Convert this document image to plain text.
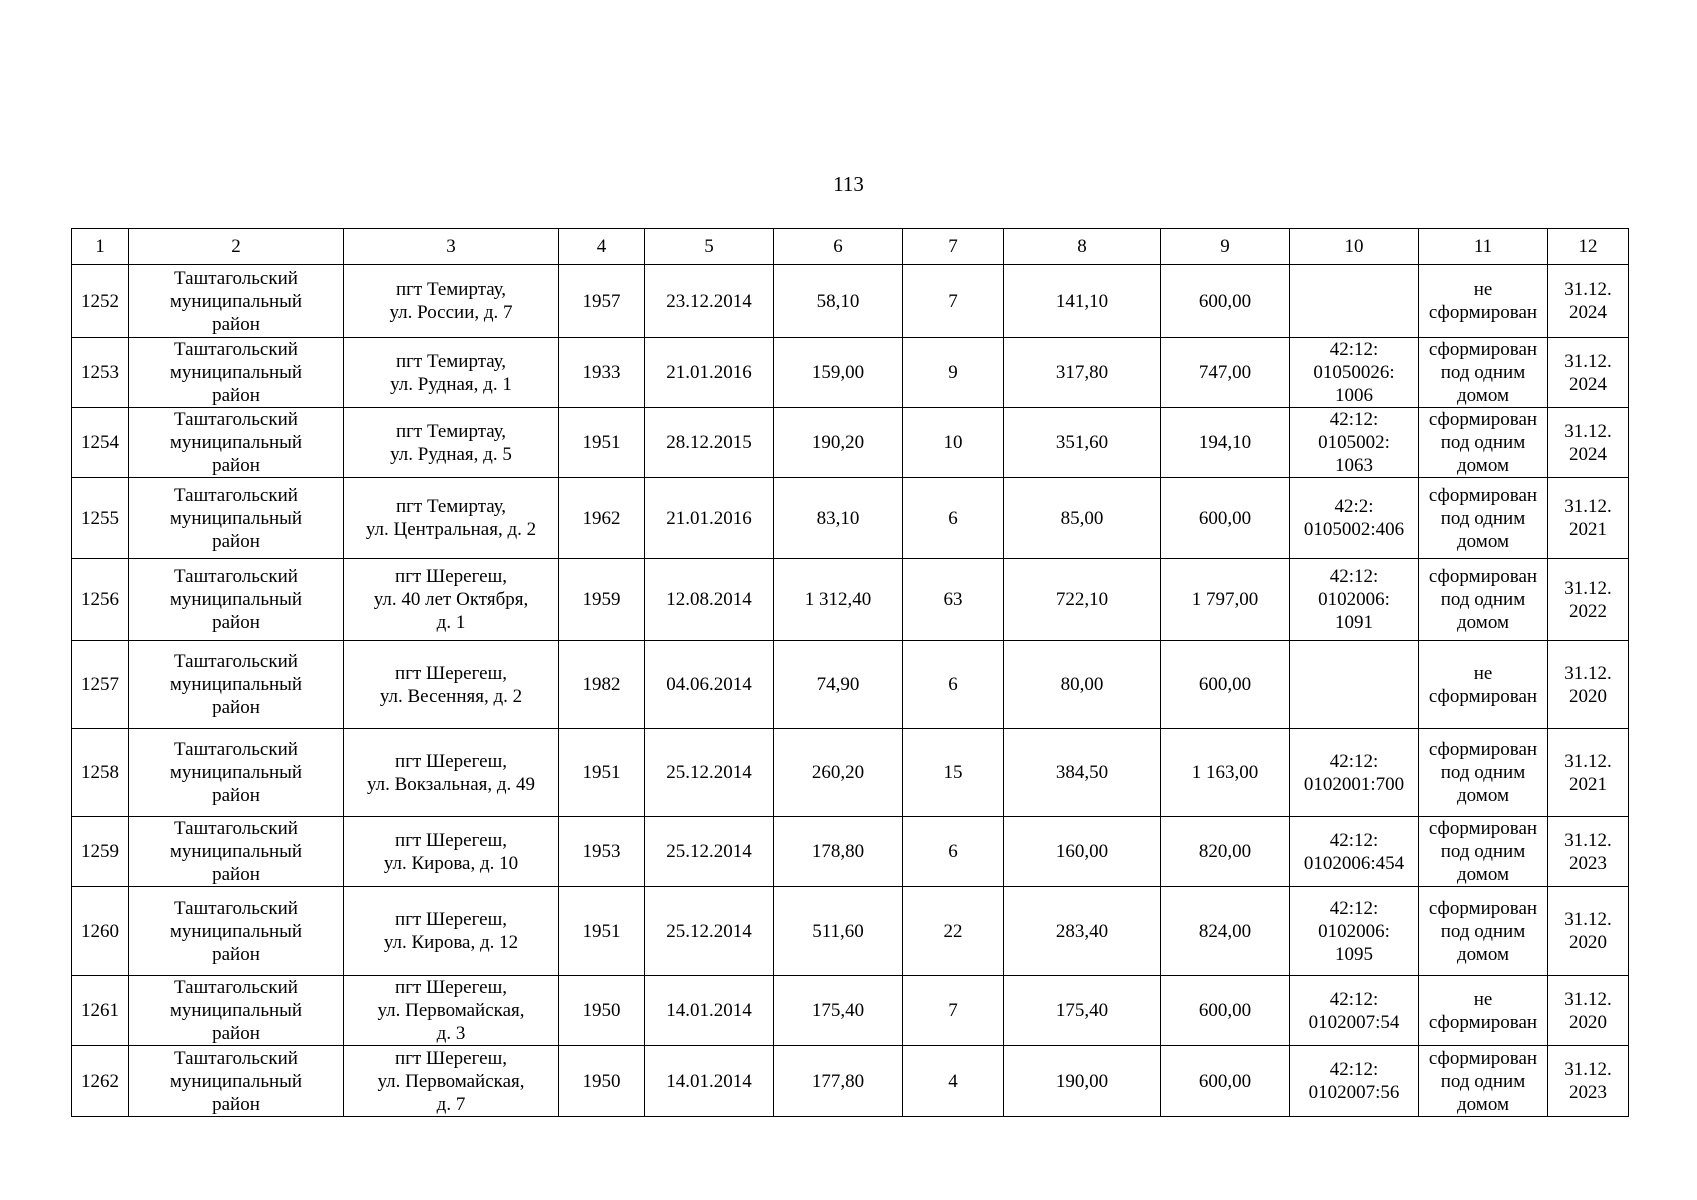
113
1	2	3	4	5	6	7	8	9	10	11	12
1252	Таштагольский
муниципальный
район	пгт Темиртау,
ул. России, д. 7	1957	23.12.2014	58,10	7	141,10	600,00		не
сформирован	31.12.
2024

1253	Таштагольский
муниципальный
район	пгт Темиртау,
ул. Рудная, д. 1	1933	21.01.2016	159,00	9	317,80	747,00	42:12:
01050026:
1006	сформирован
под одним
домом	31.12.
2024

1254	Таштагольский
муниципальный
район	пгт Темиртау,
ул. Рудная, д. 5	1951	28.12.2015	190,20	10	351,60	194,10	42:12:
0105002:
1063	сформирован
под одним
домом	31.12.
2024

1255	Таштагольский
муниципальный
район	пгт Темиртау,
ул. Центральная, д. 2	1962	21.01.2016	83,10	6	85,00	600,00	42:2:
0105002:406	сформирован
под одним
домом	31.12.
2021

1256	Таштагольский
муниципальный
район	пгт Шерегеш,
ул. 40 лет Октября,
д. 1	1959	12.08.2014	1 312,40	63	722,10	1 797,00	42:12:
0102006:
1091	сформирован
под одним
домом	31.12.
2022

1257	Таштагольский
муниципальный
район	пгт Шерегеш,
ул. Весенняя, д. 2	1982	04.06.2014	74,90	6	80,00	600,00		не
сформирован	31.12.
2020

1258	Таштагольский
муниципальный
район	пгт Шерегеш,
ул. Вокзальная, д. 49	1951	25.12.2014	260,20	15	384,50	1 163,00	42:12:
0102001:700	сформирован
под одним
домом	31.12.
2021

1259	Таштагольский
муниципальный
район	пгт Шерегеш,
ул. Кирова, д. 10	1953	25.12.2014	178,80	6	160,00	820,00	42:12:
0102006:454	сформирован
под одним
домом	31.12.
2023

1260	Таштагольский
муниципальный
район	пгт Шерегеш,
ул. Кирова, д. 12	1951	25.12.2014	511,60	22	283,40	824,00	42:12:
0102006:
1095	сформирован
под одним
домом	31.12.
2020

1261	Таштагольский
муниципальный
район	пгт Шерегеш,
ул. Первомайская,
д. 3	1950	14.01.2014	175,40	7	175,40	600,00	42:12:
0102007:54	не
сформирован	31.12.
2020

1262	Таштагольский
муниципальный
район	пгт Шерегеш,
ул. Первомайская,
д. 7	1950	14.01.2014	177,80	4	190,00	600,00	42:12:
0102007:56	сформирован
под одним
домом	31.12.
2023
